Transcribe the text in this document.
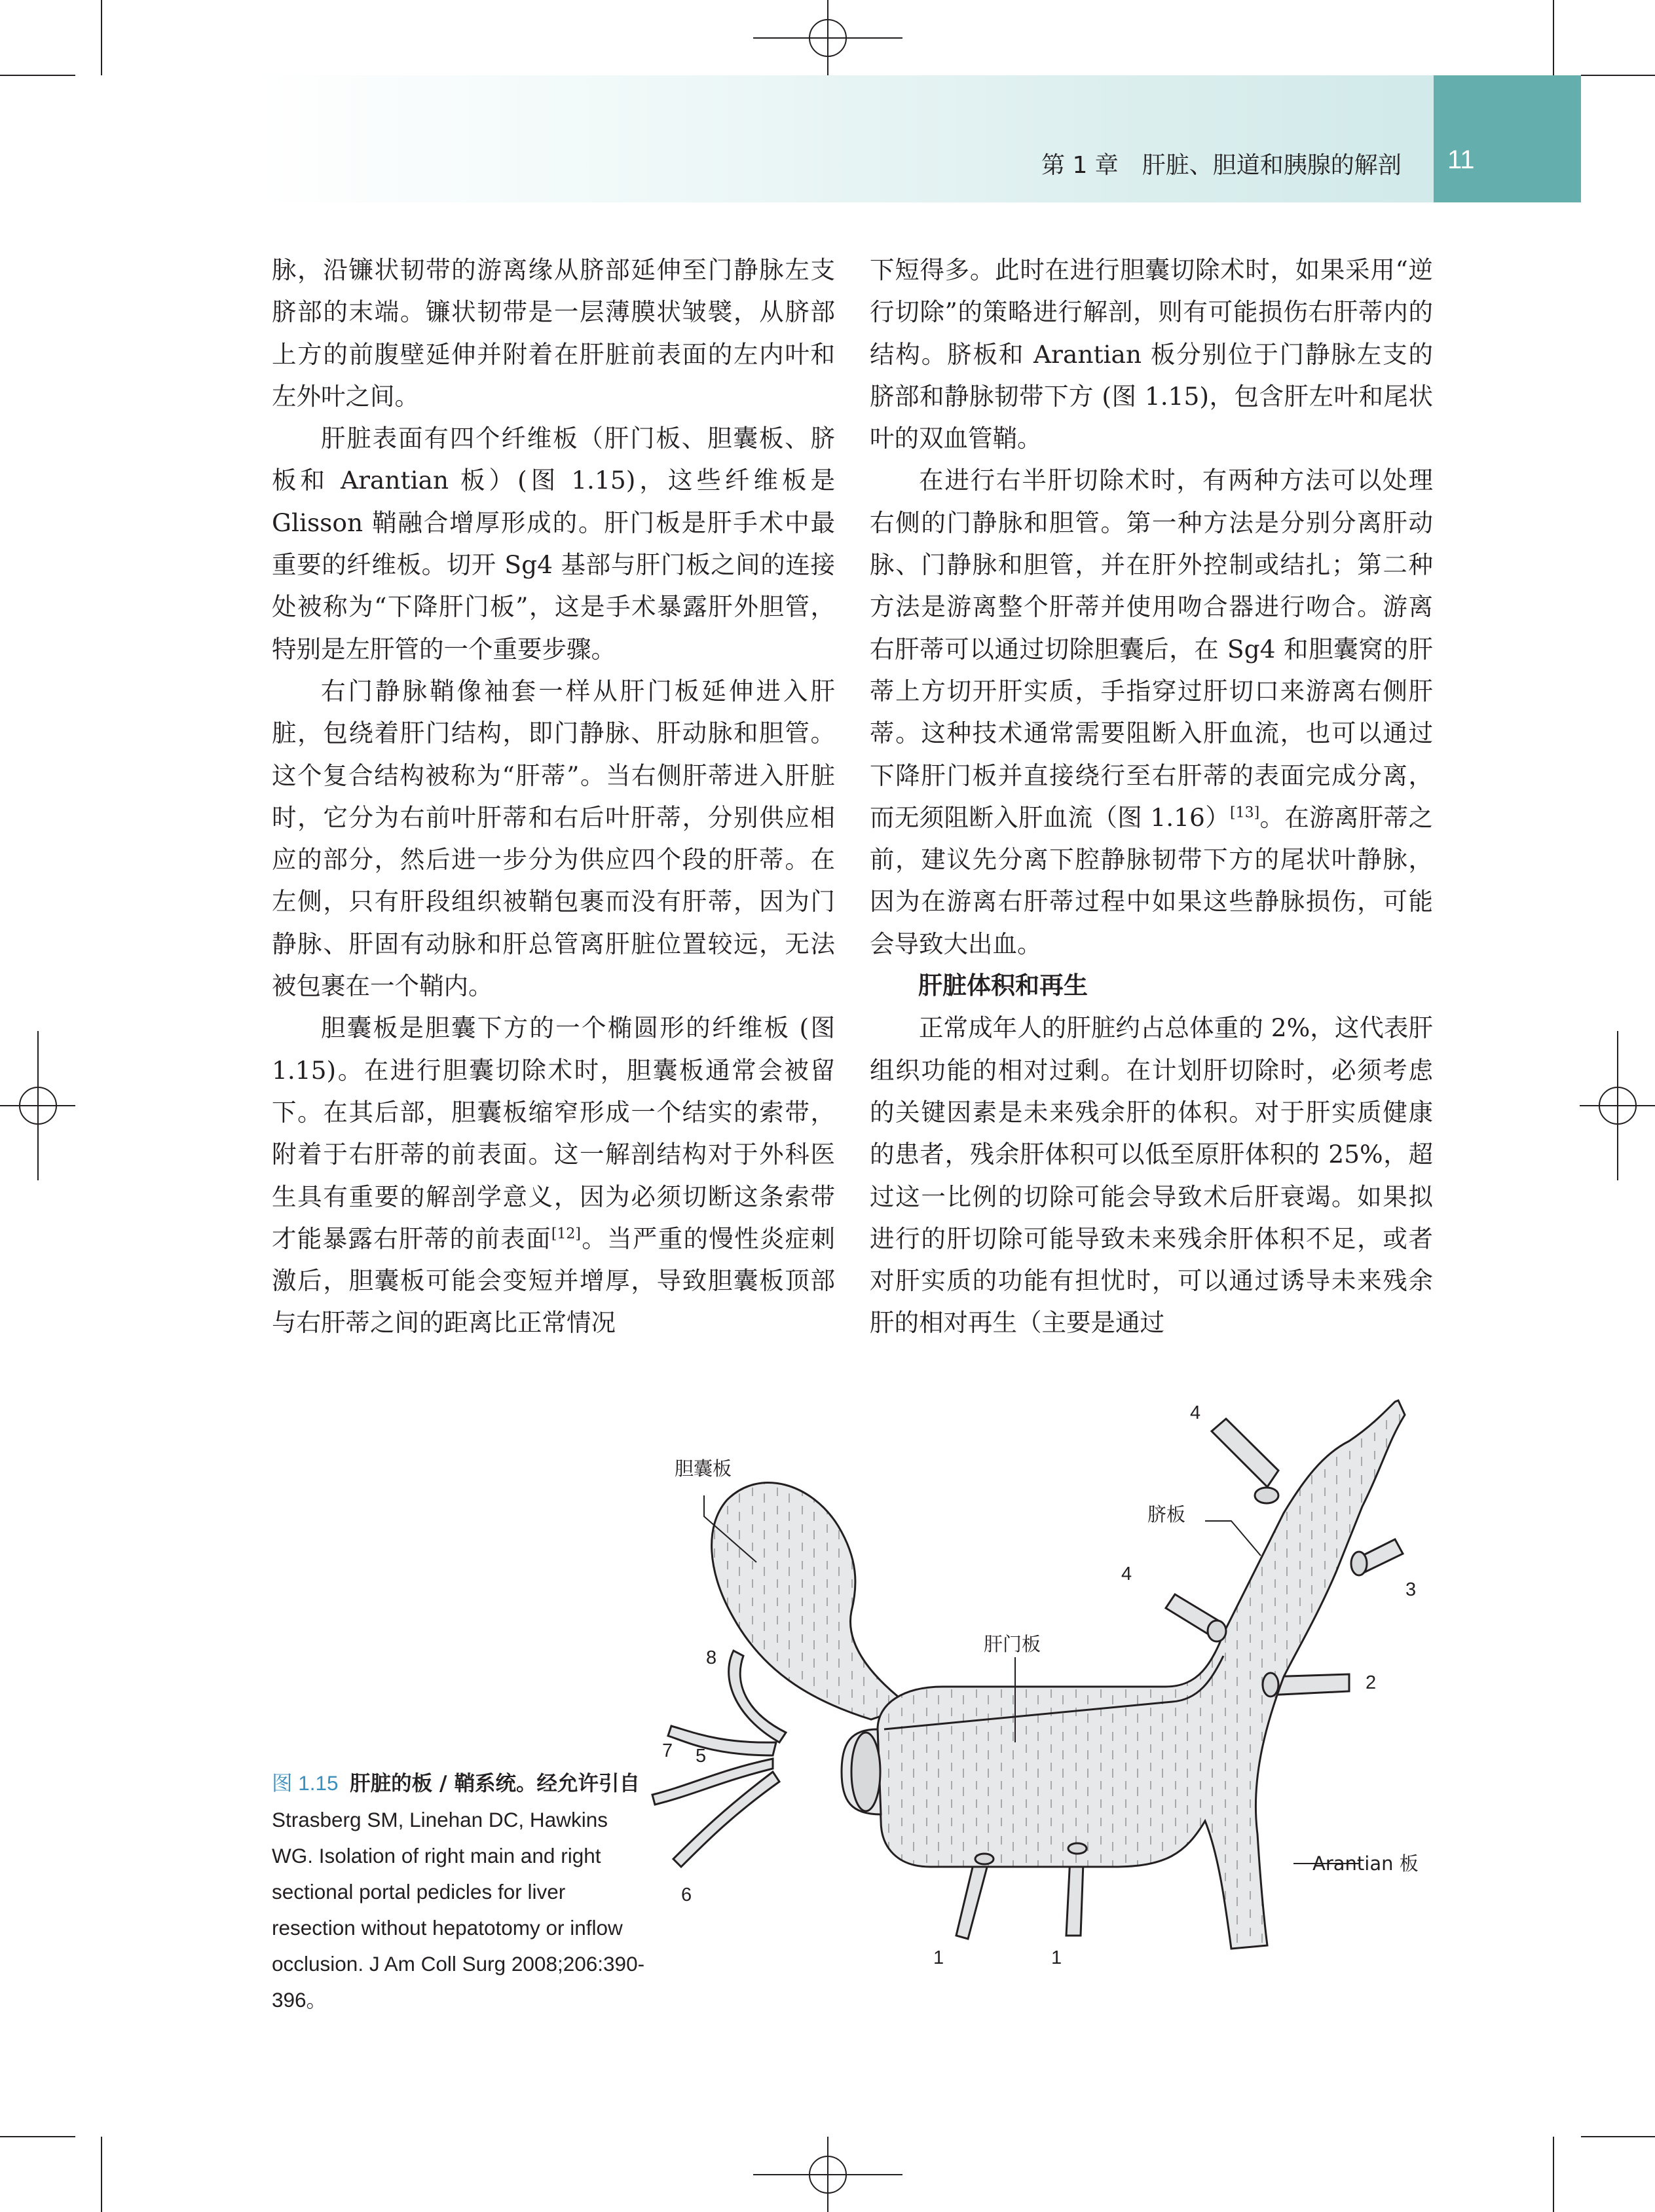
第 1 章　肝脏、胆道和胰腺的解剖 11

脉，沿镰状韧带的游离缘从脐部延伸至门静脉左支脐部的末端。镰状韧带是一层薄膜状皱襞，从脐部上方的前腹壁延伸并附着在肝脏前表面的左内叶和左外叶之间。

肝脏表面有四个纤维板（肝门板、胆囊板、脐板和 Arantian 板）(图 1.15)，这些纤维板是 Glisson 鞘融合增厚形成的。肝门板是肝手术中最重要的纤维板。切开 Sg4 基部与肝门板之间的连接处被称为“下降肝门板”，这是手术暴露肝外胆管，特别是左肝管的一个重要步骤。

右门静脉鞘像袖套一样从肝门板延伸进入肝脏，包绕着肝门结构，即门静脉、肝动脉和胆管。这个复合结构被称为“肝蒂”。当右侧肝蒂进入肝脏时，它分为右前叶肝蒂和右后叶肝蒂，分别供应相应的部分，然后进一步分为供应四个段的肝蒂。在左侧，只有肝段组织被鞘包裹而没有肝蒂，因为门静脉、肝固有动脉和肝总管离肝脏位置较远，无法被包裹在一个鞘内。

胆囊板是胆囊下方的一个椭圆形的纤维板 (图 1.15)。在进行胆囊切除术时，胆囊板通常会被留下。在其后部，胆囊板缩窄形成一个结实的索带，附着于右肝蒂的前表面。这一解剖结构对于外科医生具有重要的解剖学意义，因为必须切断这条索带才能暴露右肝蒂的前表面[12]。当严重的慢性炎症刺激后，胆囊板可能会变短并增厚，导致胆囊板顶部与右肝蒂之间的距离比正常情况

下短得多。此时在进行胆囊切除术时，如果采用“逆行切除”的策略进行解剖，则有可能损伤右肝蒂内的结构。脐板和 Arantian 板分别位于门静脉左支的脐部和静脉韧带下方 (图 1.15)，包含肝左叶和尾状叶的双血管鞘。

在进行右半肝切除术时，有两种方法可以处理右侧的门静脉和胆管。第一种方法是分别分离肝动脉、门静脉和胆管，并在肝外控制或结扎；第二种方法是游离整个肝蒂并使用吻合器进行吻合。游离右肝蒂可以通过切除胆囊后，在 Sg4 和胆囊窝的肝蒂上方切开肝实质，手指穿过肝切口来游离右侧肝蒂。这种技术通常需要阻断入肝血流，也可以通过下降肝门板并直接绕行至右肝蒂的表面完成分离，而无须阻断入肝血流（图 1.16）[13]。在游离肝蒂之前，建议先分离下腔静脉韧带下方的尾状叶静脉，因为在游离右肝蒂过程中如果这些静脉损伤，可能会导致大出血。

肝脏体积和再生

正常成年人的肝脏约占总体重的 2%，这代表肝组织功能的相对过剩。在计划肝切除时，必须考虑的关键因素是未来残余肝的体积。对于肝实质健康的患者，残余肝体积可以低至原肝体积的 25%，超过这一比例的切除可能会导致术后肝衰竭。如果拟进行的肝切除可能导致未来残余肝体积不足，或者对肝实质的功能有担忧时，可以通过诱导未来残余肝的相对再生（主要是通过

胆囊板
肝门板
脐板
Arantian 板
4
4
3
2
8
7 5
6
1	1
图 1.15 肝脏的板 / 鞘系统。经允许引自 Strasberg SM, Linehan DC, Hawkins WG. Isolation of right main and right sectional portal pedicles for liver resection without hepatotomy or inflow occlusion. J Am Coll Surg 2008;206:390-396。
